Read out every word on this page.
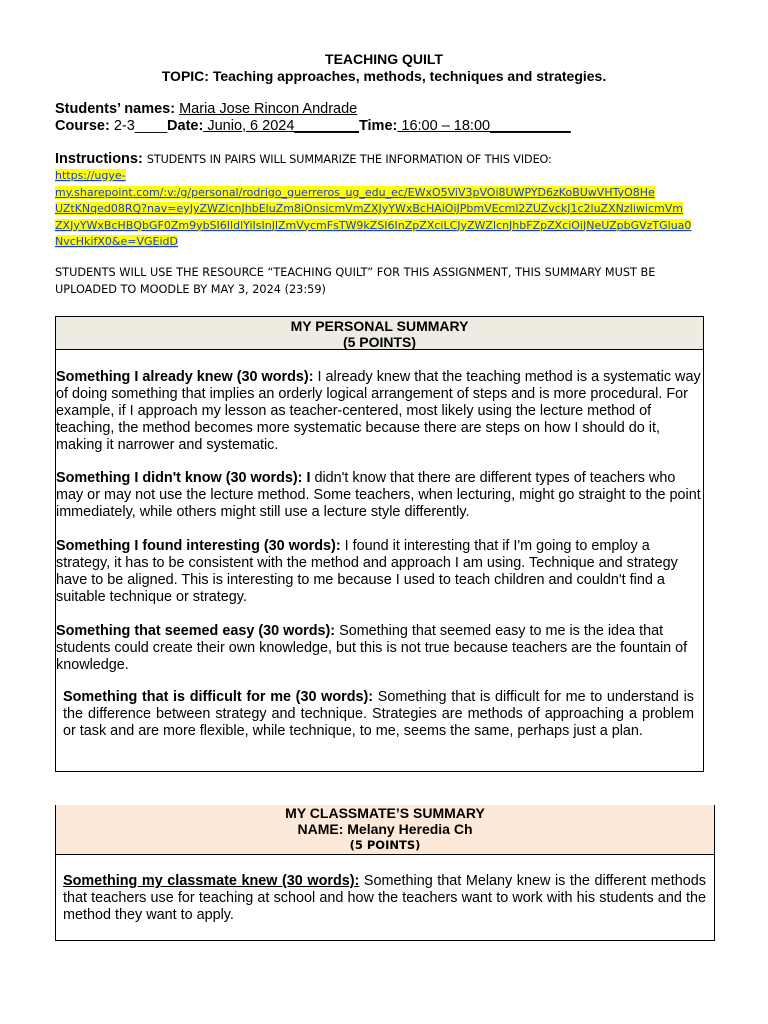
TEACHING QUILT
TOPIC: Teaching approaches, methods, techniques and strategies.
Students’ names: Maria Jose Rincon Andrade
Course: 2-3____Date: Junio, 6 2024________Time: 16:00 – 18:00__________
Instructions: STUDENTS IN PAIRS WILL SUMMARIZE THE INFORMATION OF THIS VIDEO:
https://ugye-
my.sharepoint.com/:v:/g/personal/rodrigo_guerreros_ug_edu_ec/EWxO5ViV3pVOi8UWPYD6zKoBUwVHTyO8He
UZtKNqed08RQ?nav=eyJyZWZlcnJhbEluZm8iOnsicmVmZXJyYWxBcHAiOiJPbmVEcml2ZUZvckJ1c2luZXNzIiwicmVm
ZXJyYWxBcHBQbGF0Zm9ybSI6IldlYiIsInJlZmVycmFsTW9kZSI6InZpZXciLCJyZWZlcnJhbFZpZXciOiJNeUZpbGVzTGlua0
NvcHkifX0&e=VGEidD
STUDENTS WILL USE THE RESOURCE “TEACHING QUILT” FOR THIS ASSIGNMENT, THIS SUMMARY MUST BE UPLOADED TO MOODLE BY MAY 3, 2024 (23:59)
MY PERSONAL SUMMARY
(5 POINTS)

Something I already knew (30 words): I already knew that the teaching method is a systematic way of doing something that implies an orderly logical arrangement of steps and is more procedural. For example, if I approach my lesson as teacher-centered, most likely using the lecture method of teaching, the method becomes more systematic because there are steps on how I should do it, making it narrower and systematic.

Something I didn't know (30 words): I didn't know that there are different types of teachers who may or may not use the lecture method. Some teachers, when lecturing, might go straight to the point immediately, while others might still use a lecture style differently.

Something I found interesting (30 words): I found it interesting that if I'm going to employ a strategy, it has to be consistent with the method and approach I am using. Technique and strategy have to be aligned. This is interesting to me because I used to teach children and couldn't find a suitable technique or strategy.

Something that seemed easy (30 words): Something that seemed easy to me is the idea that students could create their own knowledge, but this is not true because teachers are the fountain of knowledge.

Something that is difficult for me (30 words): Something that is difficult for me to understand is the difference between strategy and technique. Strategies are methods of approaching a problem or task and are more flexible, while technique, to me, seems the same, perhaps just a plan.

MY CLASSMATE’S SUMMARY
NAME: Melany Heredia Ch
(5 POINTS)

Something my classmate knew (30 words): Something that Melany knew is the different methods that teachers use for teaching at school and how the teachers want to work with his students and the method they want to apply.
